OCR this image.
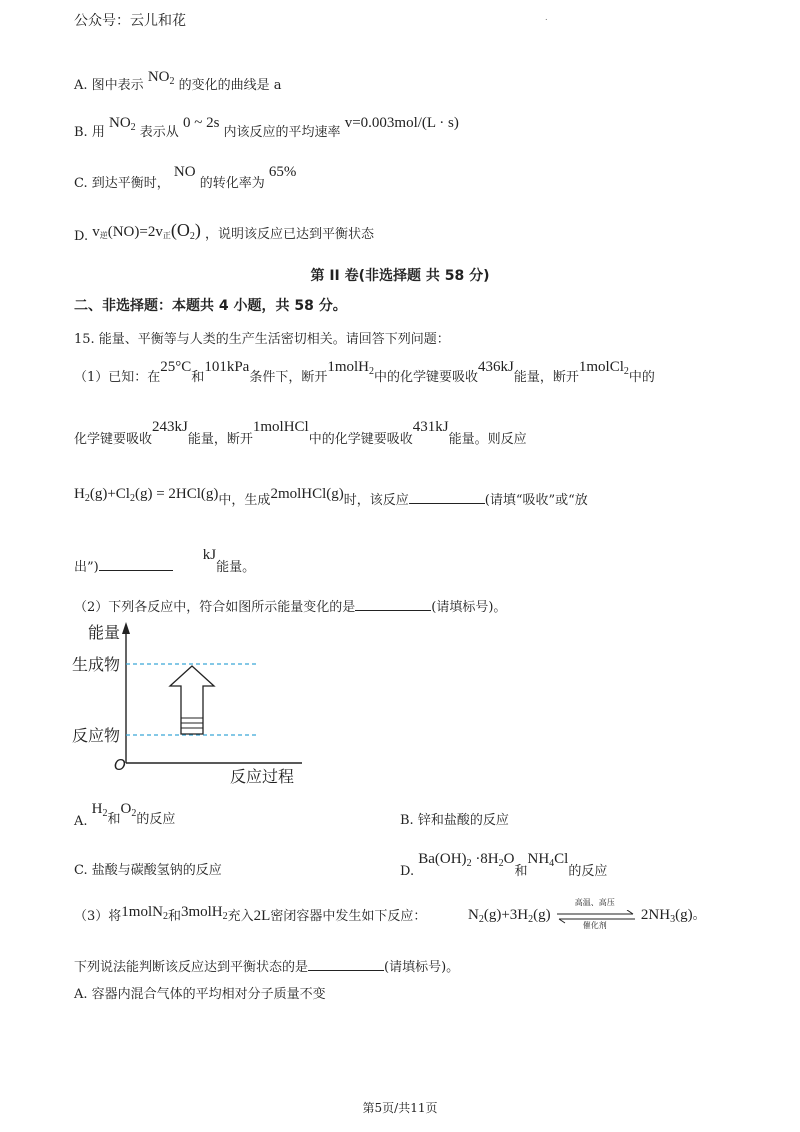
公众号：云儿和花	.
A. 图中表示 $NO_2$ 的变化的曲线是 a
B. 用 $NO_2$ 表示从 0 ~ 2s 内该反应的平均速率 v=0.003mol/(L · s)
C. 到达平衡时， NO 的转化率为 65%
D. $v_逆(NO)=2v_正(O_2)$ ，说明该反应已达到平衡状态
第 II 卷(非选择题 共 58 分)
二、非选择题：本题共 4 小题，共 58 分。
15. 能量、平衡等与人类的生产生活密切相关。请回答下列问题：
（1）已知：在25°C和101kPa条件下，断开1molH$_2$中的化学键要吸收436kJ能量，断开1molCl$_2$中的
化学键要吸收243kJ能量，断开1molHCl中的化学键要吸收431kJ能量。则反应
$H_2(g)+Cl_2(g) = 2HCl(g)$中，生成2molHCl(g)时，该反应	(请填“吸收”或“放
出”)kJ能量。
（2）下列各反应中，符合如图所示能量变化的是	(请填标号)。
能量
生成物
反应物
O
反应过程
A. $H_2$和$O_2$的反应	B. 锌和盐酸的反应
C. 盐酸与碳酸氢钠的反应	D. $Ba(OH)_2 \cdot 8H_2O$和$NH_4Cl$的反应
（3）将1molN$_2$和3molH$_2$充入2L密闭容器中发生如下反应：	$N_2(g)+3H_2(g)$
高温、高压
催化剂
$2NH_3(g)$。
下列说法能判断该反应达到平衡状态的是	(请填标号)。
A. 容器内混合气体的平均相对分子质量不变
第5页/共11页
